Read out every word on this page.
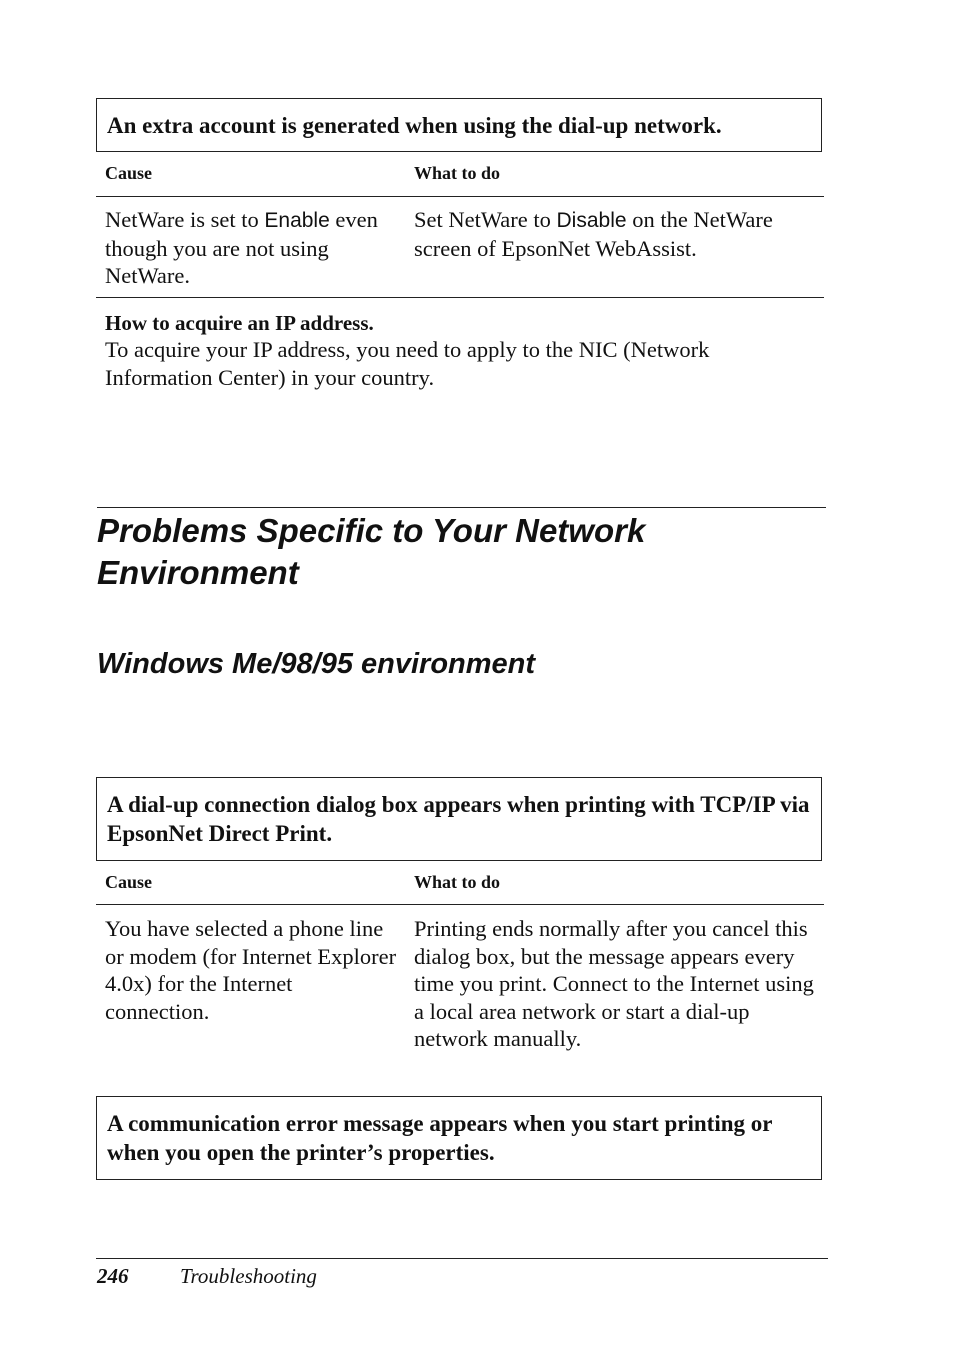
An extra account is generated when using the dial-up network.
Cause	What to do
NetWare is set to Enable even though you are not using NetWare.
Set NetWare to Disable on the NetWare screen of EpsonNet WebAssist.
How to acquire an IP address.
To acquire your IP address, you need to apply to the NIC (Network Information Center) in your country.
Problems Specific to Your Network Environment
Windows Me/98/95 environment
A dial-up connection dialog box appears when printing with TCP/IP via EpsonNet Direct Print.
Cause	What to do
You have selected a phone line or modem (for Internet Explorer 4.0x) for the Internet connection.
Printing ends normally after you cancel this dialog box, but the message appears every time you print. Connect to the Internet using a local area network or start a dial-up network manually.
A communication error message appears when you start printing or when you open the printer’s properties.
246 Troubleshooting
